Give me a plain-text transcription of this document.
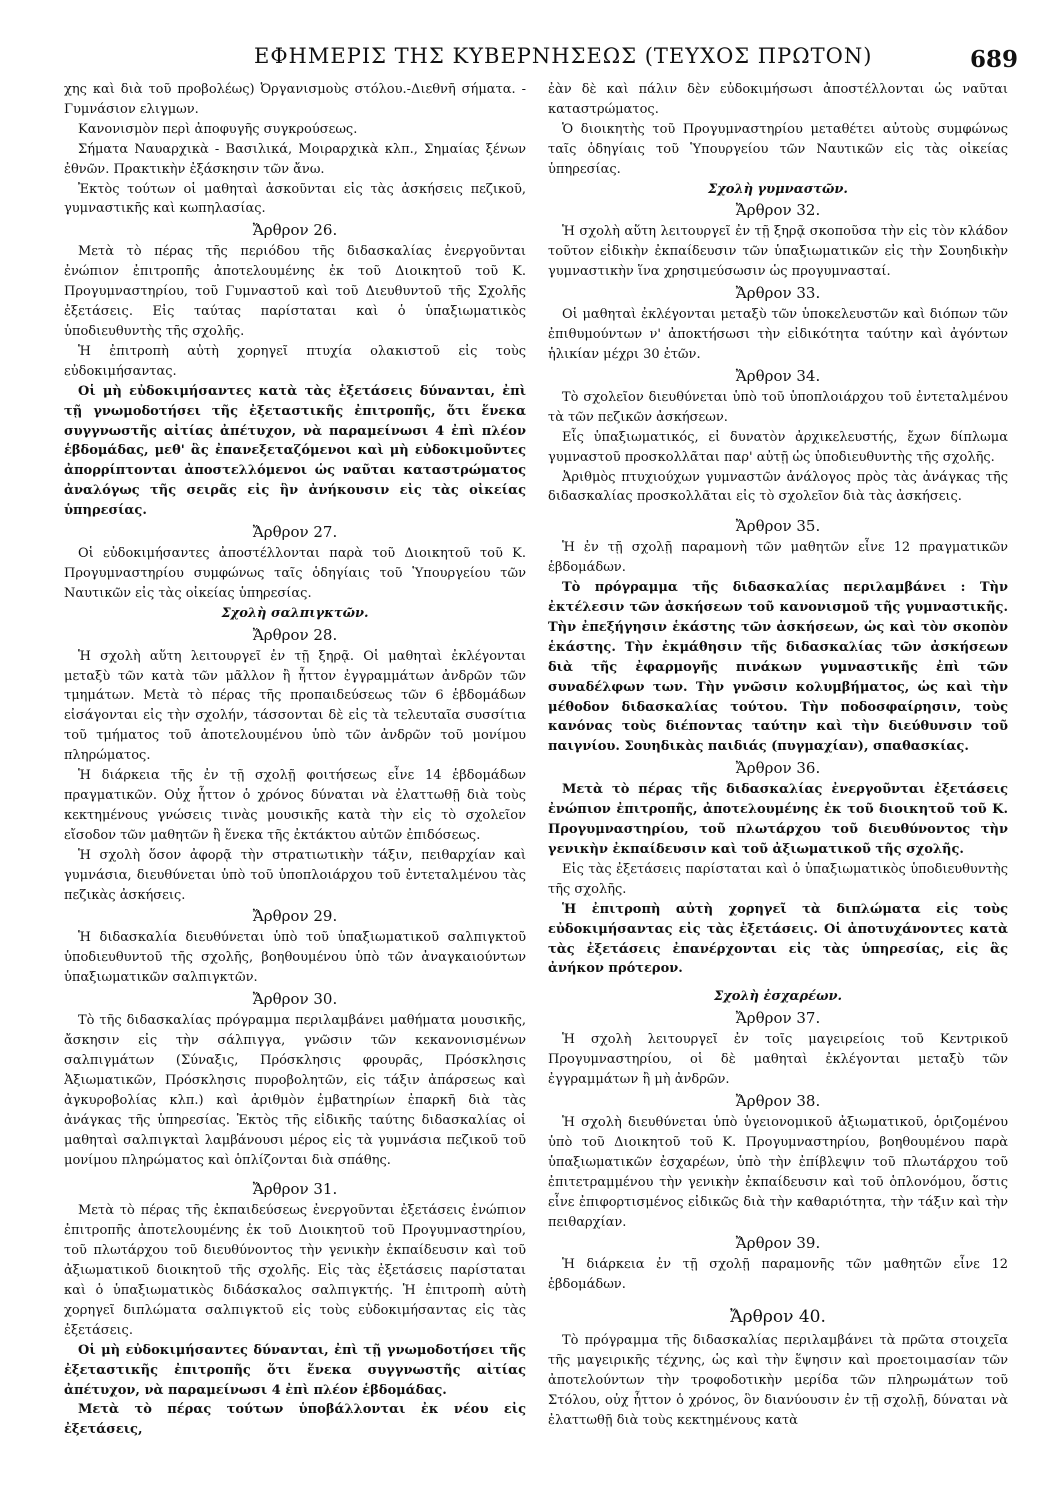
ΕΦΗΜΕΡΙΣ ΤΗΣ ΚΥΒΕΡΝΗΣΕΩΣ (ΤΕΥΧΟΣ ΠΡΩΤΟΝ)	689

χης καὶ διὰ τοῦ προβολέως) Ὀργανισμοὺς στόλου.-Διεθνῆ σήματα. - Γυμνάσιον ελιγμων.

Κανονισμὸν περὶ ἀποφυγῆς συγκρούσεως.

Σήματα Ναυαρχικὰ - Βασιλικά, Μοιραρχικὰ κλπ., Σημαίας ξένων ἐθνῶν. Πρακτικὴν ἐξάσκησιν τῶν ἄνω.

Ἐκτὸς τούτων οἱ μαθηταὶ ἀσκοῦνται εἰς τὰς ἀσκήσεις πεζικοῦ, γυμναστικῆς καὶ κωπηλασίας.

Ἄρθρον 26.

Μετὰ τὸ πέρας τῆς περιόδου τῆς διδασκαλίας ἐνεργοῦνται ἐνώπιον ἐπιτροπῆς ἀποτελουμένης ἐκ τοῦ Διοικητοῦ τοῦ Κ. Προγυμναστηρίου, τοῦ Γυμναστοῦ καὶ τοῦ Διευθυντοῦ τῆς Σχολῆς ἐξετάσεις. Εἰς ταύτας παρίσταται καὶ ὁ ὑπαξιωματικὸς ὑποδιευθυντὴς τῆς σχολῆς.

Ἡ ἐπιτροπὴ αὐτὴ χορηγεῖ πτυχία ολακιστοῦ εἰς τοὺς εὐδοκιμήσαντας.

Οἱ μὴ εὐδοκιμήσαντες κατὰ τὰς ἐξετάσεις δύνανται, ἐπὶ τῇ γνωμοδοτήσει τῆς ἐξεταστικῆς ἐπιτροπῆς, ὅτι ἕνεκα συγγνωστῆς αἰτίας ἀπέτυχον, νὰ παραμείνωσι 4 ἐπὶ πλέον ἑβδομάδας, μεθ' ἃς ἐπανεξεταζόμενοι καὶ μὴ εὐδοκιμοῦντες ἀπορρίπτονται ἀποστελλόμενοι ὡς ναῦται καταστρώματος ἀναλόγως τῆς σειρᾶς εἰς ἣν ἀνήκουσιν εἰς τὰς οἰκείας ὑπηρεσίας.

Ἄρθρον 27.

Οἱ εὐδοκιμήσαντες ἀποστέλλονται παρὰ τοῦ Διοικητοῦ τοῦ Κ. Προγυμναστηρίου συμφώνως ταῖς ὁδηγίαις τοῦ Ὑπουργείου τῶν Ναυτικῶν εἰς τὰς οἰκείας ὑπηρεσίας.

Σχολὴ σαλπιγκτῶν.

Ἄρθρον 28.

Ἡ σχολὴ αὕτη λειτουργεῖ ἐν τῇ ξηρᾷ. Οἱ μαθηταὶ ἐκλέγονται μεταξὺ τῶν κατὰ τῶν μᾶλλον ἢ ἧττον ἐγγραμμάτων ἀνδρῶν τῶν τμημάτων. Μετὰ τὸ πέρας τῆς προπαιδεύσεως τῶν 6 ἑβδομάδων εἰσάγονται εἰς τὴν σχολήν, τάσσονται δὲ εἰς τὰ τελευταῖα συσσίτια τοῦ τμήματος τοῦ ἀποτελουμένου ὑπὸ τῶν ἀνδρῶν τοῦ μονίμου πληρώματος.

Ἡ διάρκεια τῆς ἐν τῇ σχολῇ φοιτήσεως εἶνε 14 ἑβδομάδων πραγματικῶν. Οὐχ ἧττον ὁ χρόνος δύναται νὰ ἐλαττωθῇ διὰ τοὺς κεκτημένους γνώσεις τινὰς μουσικῆς κατὰ τὴν εἰς τὸ σχολεῖον εἴσοδον τῶν μαθητῶν ἢ ἕνεκα τῆς ἐκτάκτου αὐτῶν ἐπιδόσεως.

Ἡ σχολὴ ὅσον ἀφορᾷ τὴν στρατιωτικὴν τάξιν, πειθαρχίαν καὶ γυμνάσια, διευθύνεται ὑπὸ τοῦ ὑποπλοιάρχου τοῦ ἐντεταλμένου τὰς πεζικὰς ἀσκήσεις.

Ἄρθρον 29.

Ἡ διδασκαλία διευθύνεται ὑπὸ τοῦ ὑπαξιωματικοῦ σαλπιγκτοῦ ὑποδιευθυντοῦ τῆς σχολῆς, βοηθουμένου ὑπὸ τῶν ἀναγκαιούντων ὑπαξιωματικῶν σαλπιγκτῶν.

Ἄρθρον 30.

Τὸ τῆς διδασκαλίας πρόγραμμα περιλαμβάνει μαθήματα μουσικῆς, ἄσκησιν εἰς τὴν σάλπιγγα, γνῶσιν τῶν κεκανονισμένων σαλπιγμάτων (Σύναξις, Πρόσκλησις φρουρᾶς, Πρόσκλησις Ἀξιωματικῶν, Πρόσκλησις πυροβολητῶν, εἰς τάξιν ἀπάρσεως καὶ ἀγκυροβολίας κλπ.) καὶ ἀριθμὸν ἐμβατηρίων ἐπαρκῆ διὰ τὰς ἀνάγκας τῆς ὑπηρεσίας. Ἐκτὸς τῆς εἰδικῆς ταύτης διδασκαλίας οἱ μαθηταὶ σαλπιγκταὶ λαμβάνουσι μέρος εἰς τὰ γυμνάσια πεζικοῦ τοῦ μονίμου πληρώματος καὶ ὁπλίζονται διὰ σπάθης.

Ἄρθρον 31.

Μετὰ τὸ πέρας τῆς ἐκπαιδεύσεως ἐνεργοῦνται ἐξετάσεις ἐνώπιον ἐπιτροπῆς ἀποτελουμένης ἐκ τοῦ Διοικητοῦ τοῦ Προγυμναστηρίου, τοῦ πλωτάρχου τοῦ διευθύνοντος τὴν γενικὴν ἐκπαίδευσιν καὶ τοῦ ἀξιωματικοῦ διοικητοῦ τῆς σχολῆς. Εἰς τὰς ἐξετάσεις παρίσταται καὶ ὁ ὑπαξιωματικὸς διδάσκαλος σαλπιγκτής. Ἡ ἐπιτροπὴ αὐτὴ χορηγεῖ διπλώματα σαλπιγκτοῦ εἰς τοὺς εὐδοκιμήσαντας εἰς τὰς ἐξετάσεις.

Οἱ μὴ εὐδοκιμήσαντες δύνανται, ἐπὶ τῇ γνωμοδοτήσει τῆς ἐξεταστικῆς ἐπιτροπῆς ὅτι ἕνεκα συγγνωστῆς αἰτίας ἀπέτυχον, νὰ παραμείνωσι 4 ἐπὶ πλέον ἑβδομάδας.

Μετὰ τὸ πέρας τούτων ὑποβάλλονται ἐκ νέου εἰς ἐξετάσεις,

ἐὰν δὲ καὶ πάλιν δὲν εὐδοκιμήσωσι ἀποστέλλονται ὡς ναῦται καταστρώματος.

Ὁ διοικητὴς τοῦ Προγυμναστηρίου μεταθέτει αὐτοὺς συμφώνως ταῖς ὁδηγίαις τοῦ Ὑπουργείου τῶν Ναυτικῶν εἰς τὰς οἰκείας ὑπηρεσίας.

Σχολὴ γυμναστῶν.

Ἄρθρον 32.

Ἡ σχολὴ αὕτη λειτουργεῖ ἐν τῇ ξηρᾷ σκοποῦσα τὴν εἰς τὸν κλάδον τοῦτον εἰδικὴν ἐκπαίδευσιν τῶν ὑπαξιωματικῶν εἰς τὴν Σουηδικὴν γυμναστικὴν ἵνα χρησιμεύσωσιν ὡς προγυμνασταί.

Ἄρθρον 33.

Οἱ μαθηταὶ ἐκλέγονται μεταξὺ τῶν ὑποκελευστῶν καὶ διόπων τῶν ἐπιθυμούντων ν' ἀποκτήσωσι τὴν εἰδικότητα ταύτην καὶ ἀγόντων ἡλικίαν μέχρι 30 ἐτῶν.

Ἄρθρον 34.

Τὸ σχολεῖον διευθύνεται ὑπὸ τοῦ ὑποπλοιάρχου τοῦ ἐντεταλμένου τὰ τῶν πεζικῶν ἀσκήσεων.

Εἷς ὑπαξιωματικός, εἰ δυνατὸν ἀρχικελευστής, ἔχων δίπλωμα γυμναστοῦ προσκολλᾶται παρ' αὐτῇ ὡς ὑποδιευθυντὴς τῆς σχολῆς.

Ἀριθμὸς πτυχιούχων γυμναστῶν ἀνάλογος πρὸς τὰς ἀνάγκας τῆς διδασκαλίας προσκολλᾶται εἰς τὸ σχολεῖον διὰ τὰς ἀσκήσεις.

Ἄρθρον 35.

Ἡ ἐν τῇ σχολῇ παραμονὴ τῶν μαθητῶν εἶνε 12 πραγματικῶν ἑβδομάδων.

Τὸ πρόγραμμα τῆς διδασκαλίας περιλαμβάνει : Τὴν ἐκτέλεσιν τῶν ἀσκήσεων τοῦ κανονισμοῦ τῆς γυμναστικῆς. Τὴν ἐπεξήγησιν ἑκάστης τῶν ἀσκήσεων, ὡς καὶ τὸν σκοπὸν ἑκάστης. Τὴν ἐκμάθησιν τῆς διδασκαλίας τῶν ἀσκήσεων διὰ τῆς ἐφαρμογῆς πινάκων γυμναστικῆς ἐπὶ τῶν συναδέλφων των. Τὴν γνῶσιν κολυμβήματος, ὡς καὶ τὴν μέθοδον διδασκαλίας τούτου. Τὴν ποδοσφαίρησιν, τοὺς κανόνας τοὺς διέποντας ταύτην καὶ τὴν διεύθυνσιν τοῦ παιγνίου. Σουηδικὰς παιδιάς (πυγμαχίαν), σπαθασκίας.

Ἄρθρον 36.

Μετὰ τὸ πέρας τῆς διδασκαλίας ἐνεργοῦνται ἐξετάσεις ἐνώπιον ἐπιτροπῆς, ἀποτελουμένης ἐκ τοῦ διοικητοῦ τοῦ Κ. Προγυμναστηρίου, τοῦ πλωτάρχου τοῦ διευθύνοντος τὴν γενικὴν ἐκπαίδευσιν καὶ τοῦ ἀξιωματικοῦ τῆς σχολῆς.

Εἰς τὰς ἐξετάσεις παρίσταται καὶ ὁ ὑπαξιωματικὸς ὑποδιευθυντὴς τῆς σχολῆς.

Ἡ ἐπιτροπὴ αὐτὴ χορηγεῖ τὰ διπλώματα εἰς τοὺς εὐδοκιμήσαντας εἰς τὰς ἐξετάσεις. Οἱ ἀποτυχάνοντες κατὰ τὰς ἐξετάσεις ἐπανέρχονται εἰς τὰς ὑπηρεσίας, εἰς ἃς ἀνήκον πρότερον.

Σχολὴ ἐσχαρέων.

Ἄρθρον 37.

Ἡ σχολὴ λειτουργεῖ ἐν τοῖς μαγειρείοις τοῦ Κεντρικοῦ Προγυμναστηρίου, οἱ δὲ μαθηταὶ ἐκλέγονται μεταξὺ τῶν ἐγγραμμάτων ἢ μὴ ἀνδρῶν.

Ἄρθρον 38.

Ἡ σχολὴ διευθύνεται ὑπὸ ὑγειονομικοῦ ἀξιωματικοῦ, ὁριζομένου ὑπὸ τοῦ Διοικητοῦ τοῦ Κ. Προγυμναστηρίου, βοηθουμένου παρὰ ὑπαξιωματικῶν ἐσχαρέων, ὑπὸ τὴν ἐπίβλεψιν τοῦ πλωτάρχου τοῦ ἐπιτετραμμένου τὴν γενικὴν ἐκπαίδευσιν καὶ τοῦ ὁπλονόμου, ὅστις εἶνε ἐπιφορτισμένος εἰδικῶς διὰ τὴν καθαριότητα, τὴν τάξιν καὶ τὴν πειθαρχίαν.

Ἄρθρον 39.

Ἡ διάρκεια ἐν τῇ σχολῇ παραμονῆς τῶν μαθητῶν εἶνε 12 ἑβδομάδων.

Ἄρθρον 40.

Τὸ πρόγραμμα τῆς διδασκαλίας περιλαμβάνει τὰ πρῶτα στοιχεῖα τῆς μαγειρικῆς τέχνης, ὡς καὶ τὴν ἕψησιν καὶ προετοιμασίαν τῶν ἀποτελούντων τὴν τροφοδοτικὴν μερίδα τῶν πληρωμάτων τοῦ Στόλου, οὐχ ἧττον ὁ χρόνος, ὃν διανύουσιν ἐν τῇ σχολῇ, δύναται νὰ ἐλαττωθῇ διὰ τοὺς κεκτημένους κατὰ
